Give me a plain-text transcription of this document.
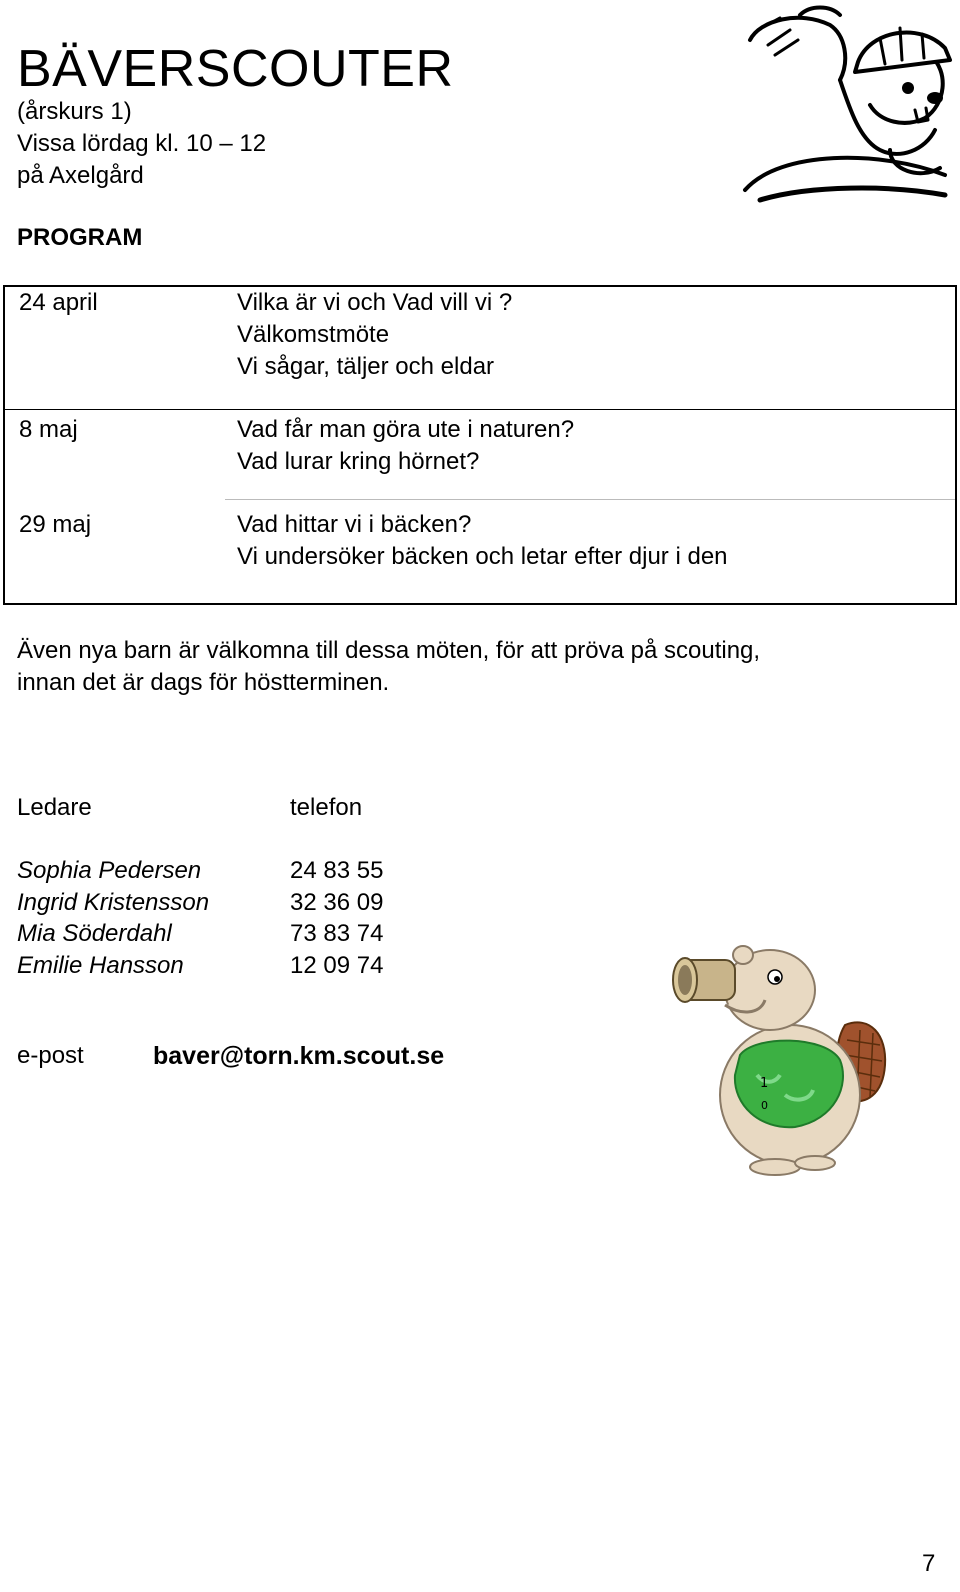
BÄVERSCOUTER
(årskurs 1)
Vissa lördag kl. 10 – 12
på Axelgård
PROGRAM
24 april	Vilka är vi och Vad vill vi ?
Välkomstmöte
Vi sågar, täljer och eldar
8 maj	Vad får man göra ute i naturen?
Vad lurar kring hörnet?
29 maj	Vad hittar vi i bäcken?
Vi undersöker bäcken och letar efter djur i den
Även nya barn är välkomna till dessa möten, för att pröva på scouting,
innan det är dags för höstterminen.
Ledare	telefon
Sophia Pedersen	24 83 55
Ingrid Kristensson	32 36 09
Mia Söderdahl	73 83 74
Emilie Hansson	12 09 74
e-post	baver@torn.km.scout.se
1
0
7
